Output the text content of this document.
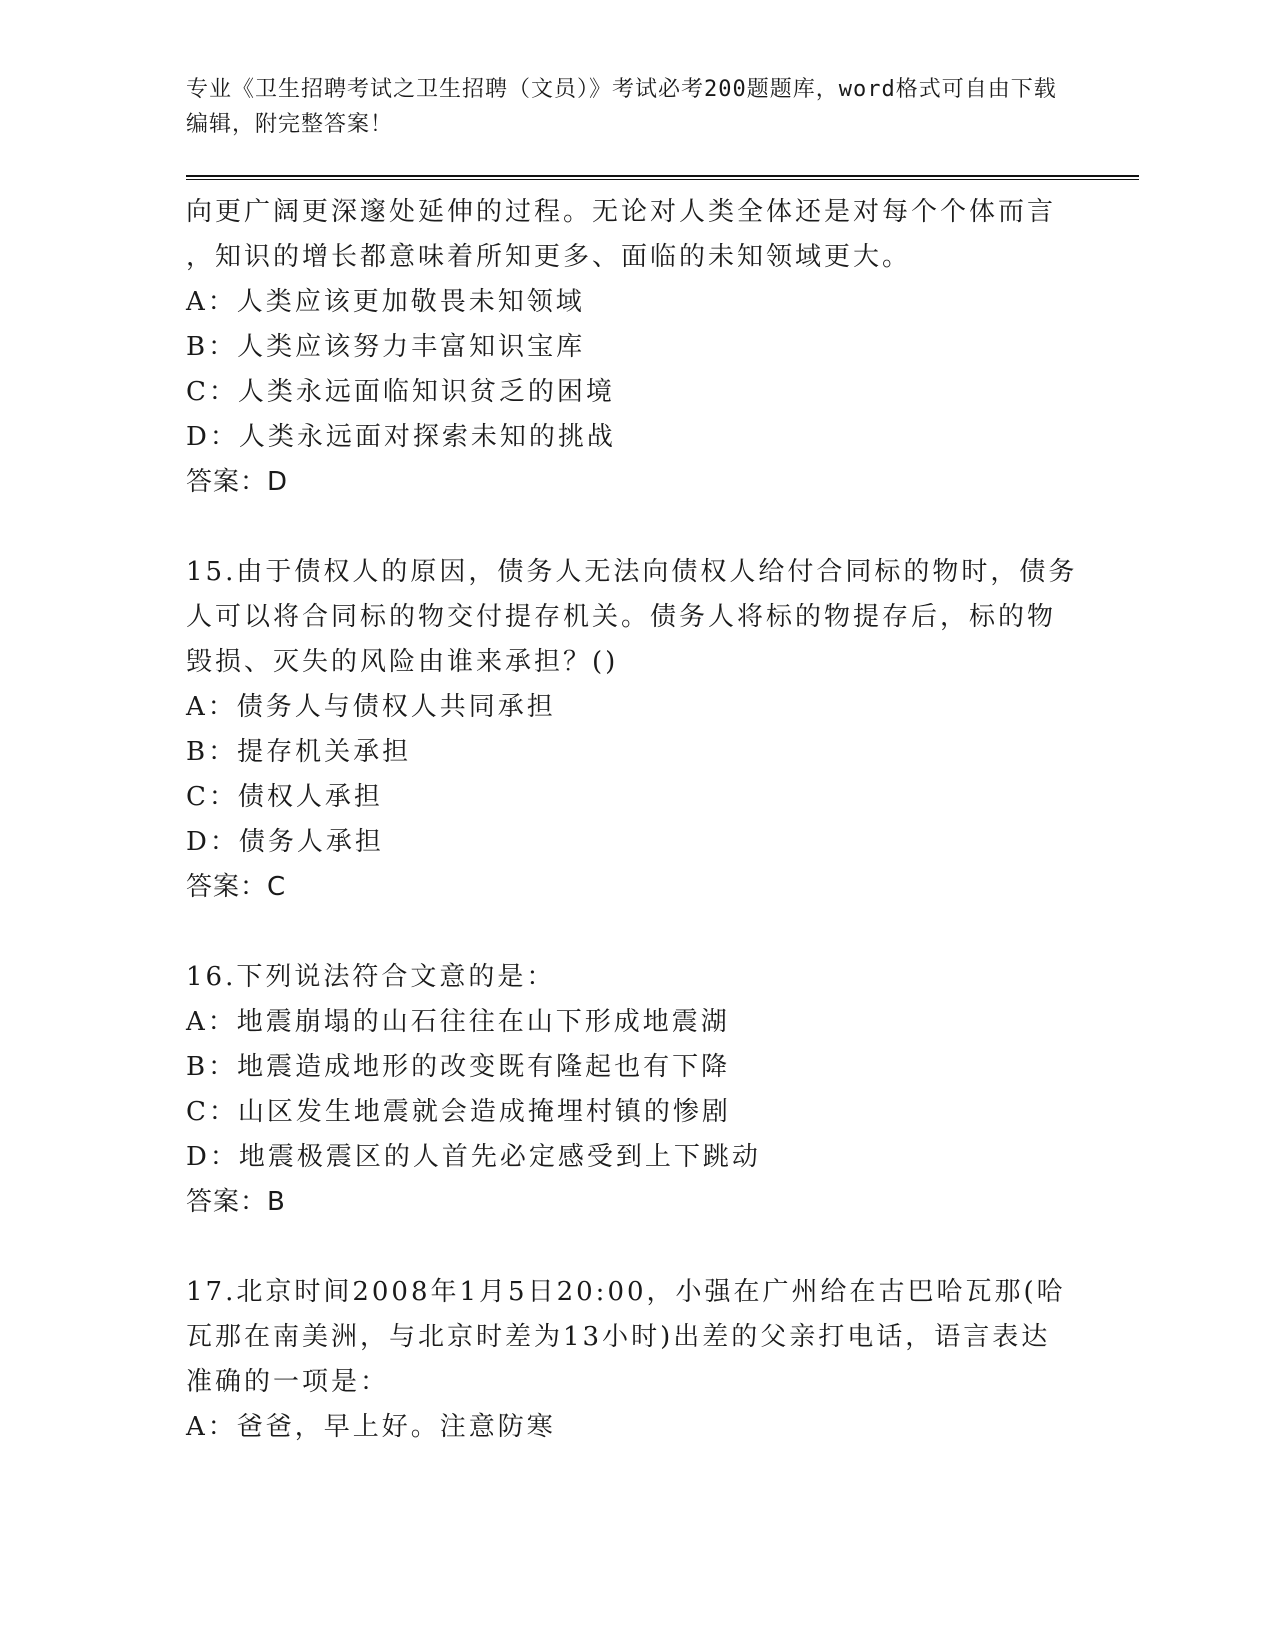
专业《卫生招聘考试之卫生招聘（文员）》考试必考200题题库，word格式可自由下载编辑，附完整答案！
向更广阔更深邃处延伸的过程。无论对人类全体还是对每个个体而言
，知识的增长都意味着所知更多、面临的未知领域更大。
A：人类应该更加敬畏未知领域
B：人类应该努力丰富知识宝库
C：人类永远面临知识贫乏的困境
D：人类永远面对探索未知的挑战
答案：D
15.由于债权人的原因，债务人无法向债权人给付合同标的物时，债务
人可以将合同标的物交付提存机关。债务人将标的物提存后，标的物
毁损、灭失的风险由谁来承担？()
A：债务人与债权人共同承担
B：提存机关承担
C：债权人承担
D：债务人承担
答案：C
16.下列说法符合文意的是：
A：地震崩塌的山石往往在山下形成地震湖
B：地震造成地形的改变既有隆起也有下降
C：山区发生地震就会造成掩埋村镇的惨剧
D：地震极震区的人首先必定感受到上下跳动
答案：B
17.北京时间2008年1月5日20:00，小强在广州给在古巴哈瓦那(哈
瓦那在南美洲，与北京时差为13小时)出差的父亲打电话，语言表达
准确的一项是：
A：爸爸，早上好。注意防寒
